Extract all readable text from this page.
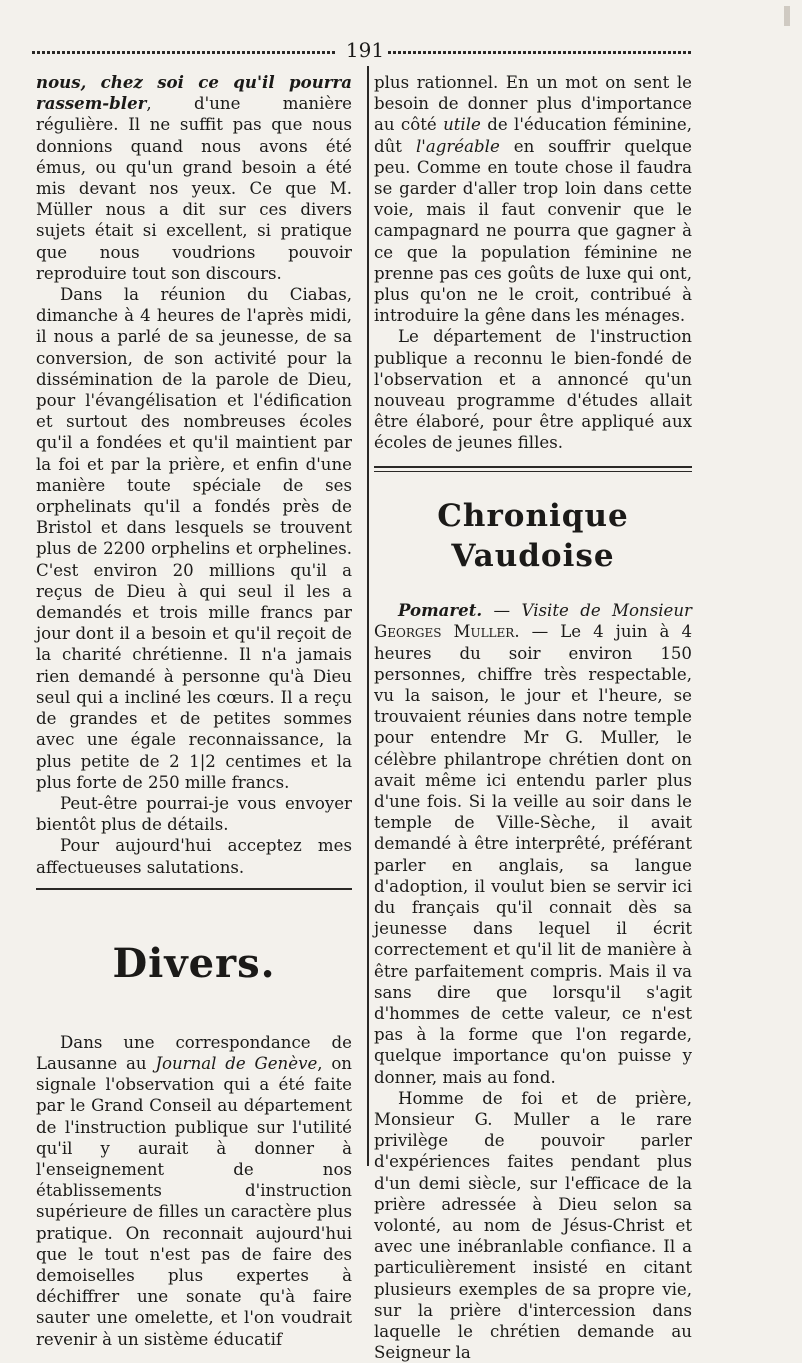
191

nous, chez soi ce qu'il pourra rassem-bler, d'une manière régulière. Il ne suffit pas que nous donnions quand nous avons été émus, ou qu'un grand besoin a été mis devant nos yeux. Ce que M. Müller nous a dit sur ces divers sujets était si excellent, si pratique que nous voudrions pouvoir reproduire tout son discours.

Dans la réunion du Ciabas, dimanche à 4 heures de l'après midi, il nous a parlé de sa jeunesse, de sa conversion, de son activité pour la dissémination de la parole de Dieu, pour l'évangélisation et l'édification et surtout des nombreuses écoles qu'il a fondées et qu'il maintient par la foi et par la prière, et enfin d'une manière toute spéciale de ses orphelinats qu'il a fondés près de Bristol et dans lesquels se trouvent plus de 2200 orphelins et orphelines. C'est environ 20 millions qu'il a reçus de Dieu à qui seul il les a demandés et trois mille francs par jour dont il a besoin et qu'il reçoit de la charité chrétienne. Il n'a jamais rien demandé à personne qu'à Dieu seul qui a incliné les cœurs. Il a reçu de grandes et de petites sommes avec une égale reconnaissance, la plus petite de 2 1|2 centimes et la plus forte de 250 mille francs.

Peut-être pourrai-je vous envoyer bientôt plus de détails.

Pour aujourd'hui acceptez mes affectueuses salutations.

Divers.

Dans une correspondance de Lausanne au Journal de Genève, on signale l'observation qui a été faite par le Grand Conseil au département de l'instruction publique sur l'utilité qu'il y aurait à donner à l'enseignement de nos établissements d'instruction supérieure de filles un caractère plus pratique. On reconnait aujourd'hui que le tout n'est pas de faire des demoiselles plus expertes à déchiffrer une sonate qu'à faire sauter une omelette, et l'on voudrait revenir à un sistème éducatif

plus rationnel. En un mot on sent le besoin de donner plus d'importance au côté utile de l'éducation féminine, dût l'agréable en souffrir quelque peu. Comme en toute chose il faudra se garder d'aller trop loin dans cette voie, mais il faut convenir que le campagnard ne pourra que gagner à ce que la population féminine ne prenne pas ces goûts de luxe qui ont, plus qu'on ne le croit, contribué à introduire la gêne dans les ménages.

Le département de l'instruction publique a reconnu le bien-fondé de l'observation et a annoncé qu'un nouveau programme d'études allait être élaboré, pour être appliqué aux écoles de jeunes filles.

Chronique Vaudoise

Pomaret. — Visite de Monsieur Georges Muller. — Le 4 juin à 4 heures du soir environ 150 personnes, chiffre très respectable, vu la saison, le jour et l'heure, se trouvaient réunies dans notre temple pour entendre Mr G. Muller, le célèbre philantrope chrétien dont on avait même ici entendu parler plus d'une fois. Si la veille au soir dans le temple de Ville-Sèche, il avait demandé à être interprêté, préférant parler en anglais, sa langue d'adoption, il voulut bien se servir ici du français qu'il connait dès sa jeunesse dans lequel il écrit correctement et qu'il lit de manière à être parfaitement compris. Mais il va sans dire que lorsqu'il s'agit d'hommes de cette valeur, ce n'est pas à la forme que l'on regarde, quelque importance qu'on puisse y donner, mais au fond.

Homme de foi et de prière, Monsieur G. Muller a le rare privilège de pouvoir parler d'expériences faites pendant plus d'un demi siècle, sur l'efficace de la prière adressée à Dieu selon sa volonté, au nom de Jésus-Christ et avec une inébranlable confiance. Il a particulièrement insisté en citant plusieurs exemples de sa propre vie, sur la prière d'intercession dans laquelle le chrétien demande au Seigneur la
